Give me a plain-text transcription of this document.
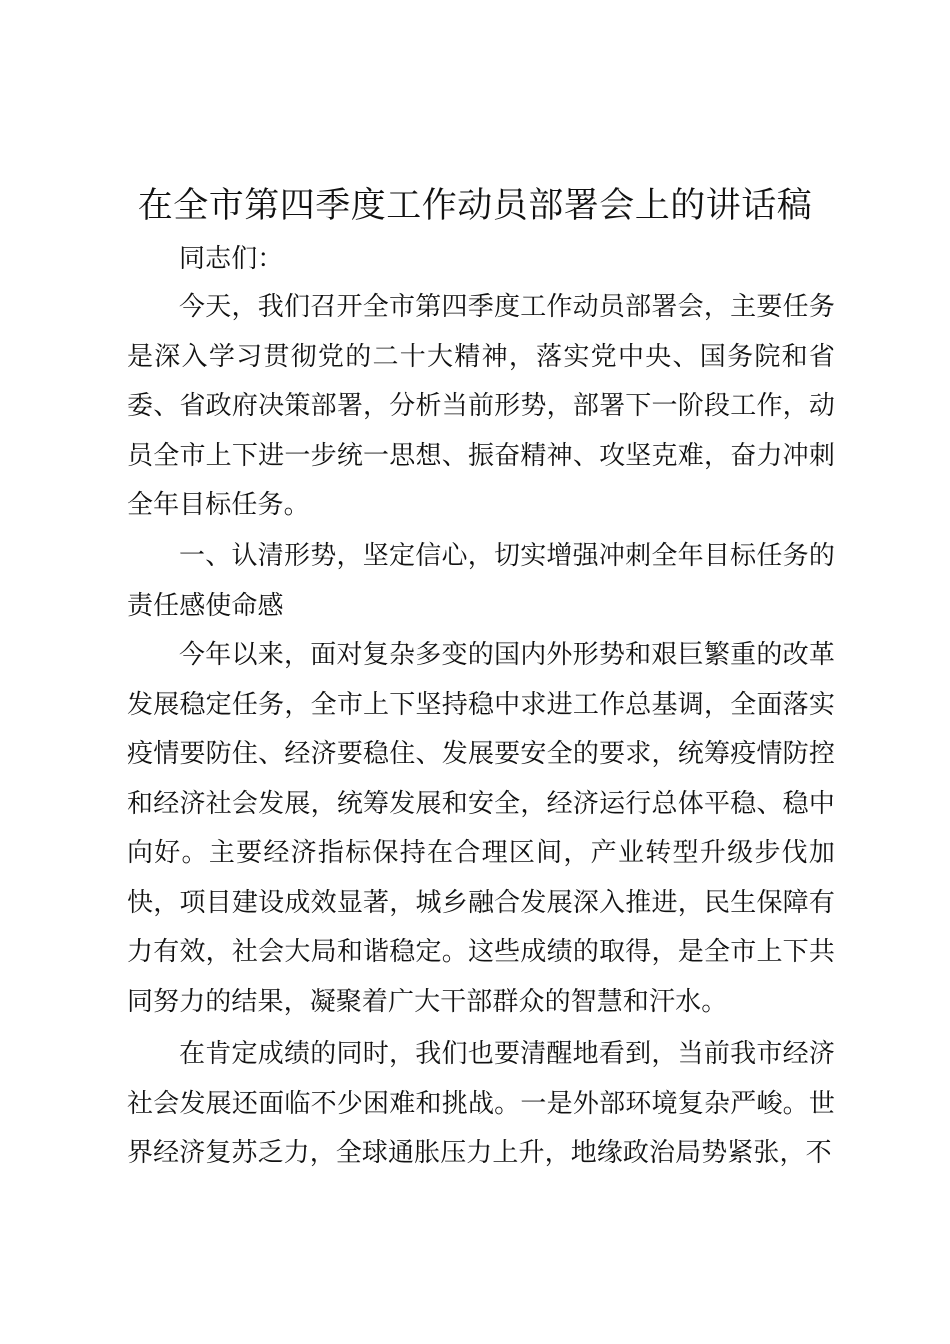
在全市第四季度工作动员部署会上的讲话稿

同志们：

今天，我们召开全市第四季度工作动员部署会，主要任务是深入学习贯彻党的二十大精神，落实党中央、国务院和省委、省政府决策部署，分析当前形势，部署下一阶段工作，动员全市上下进一步统一思想、振奋精神、攻坚克难，奋力冲刺全年目标任务。

一、认清形势，坚定信心，切实增强冲刺全年目标任务的责任感使命感

今年以来，面对复杂多变的国内外形势和艰巨繁重的改革发展稳定任务，全市上下坚持稳中求进工作总基调，全面落实疫情要防住、经济要稳住、发展要安全的要求，统筹疫情防控和经济社会发展，统筹发展和安全，经济运行总体平稳、稳中向好。主要经济指标保持在合理区间，产业转型升级步伐加快，项目建设成效显著，城乡融合发展深入推进，民生保障有力有效，社会大局和谐稳定。这些成绩的取得，是全市上下共同努力的结果，凝聚着广大干部群众的智慧和汗水。

在肯定成绩的同时，我们也要清醒地看到，当前我市经济社会发展还面临不少困难和挑战。一是外部环境复杂严峻。世界经济复苏乏力，全球通胀压力上升，地缘政治局势紧张，不
